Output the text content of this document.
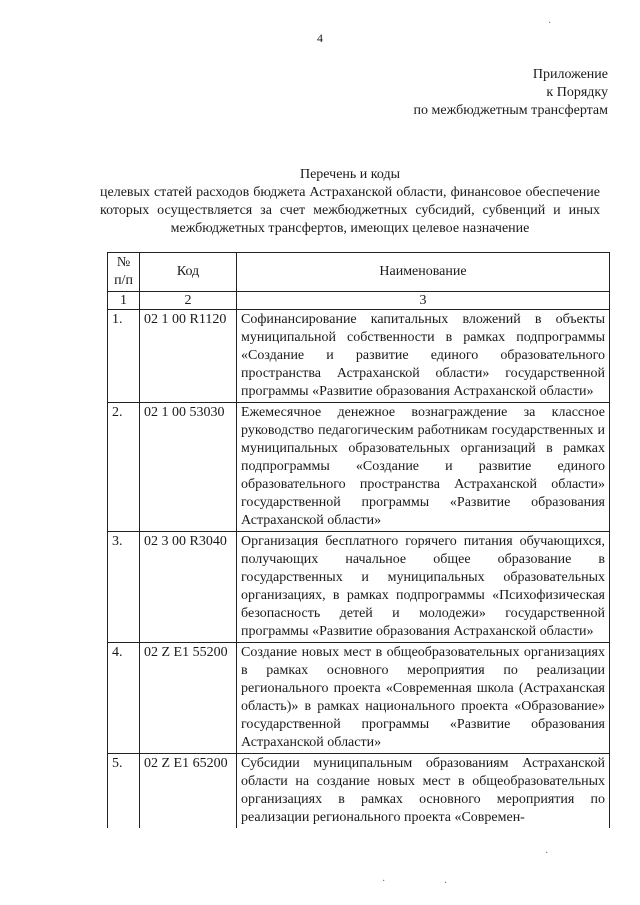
4
Приложение
к Порядку
по межбюджетным трансфертам
Перечень и коды
целевых статей расходов бюджета Астраханской области, финансовое обеспечение которых осуществляется за счет межбюджетных субсидий, субвенций и иных межбюджетных трансфертов, имеющих целевое назначение
№ п/п	Код	Наименование
1	2	3
1.	02 1 00 R1120	Софинансирование капитальных вложений в объекты муниципальной собственности в рамках подпрограммы «Создание и развитие единого образовательного пространства Астраханской области» государственной программы «Развитие образования Астраханской области»
2.	02 1 00 53030	Ежемесячное денежное вознаграждение за классное руководство педагогическим работникам государственных и муниципальных образовательных организаций в рамках подпрограммы «Создание и развитие единого образовательного пространства Астраханской области» государственной программы «Развитие образования Астраханской области»
3.	02 3 00 R3040	Организация бесплатного горячего питания обучающихся, получающих начальное общее образование в государственных и муниципальных образовательных организациях, в рамках подпрограммы «Психофизическая безопасность детей и молодежи» государственной программы «Развитие образования Астраханской области»
4.	02 Z E1 55200	Создание новых мест в общеобразовательных организациях в рамках основного мероприятия по реализации регионального проекта «Современная школа (Астраханская область)» в рамках национального проекта «Образование» государственной программы «Развитие образования Астраханской области»
5.	02 Z E1 65200	Субсидии муниципальным образованиям Астраханской области на создание новых мест в общеобразовательных организациях в рамках основного мероприятия по реализации регионального проекта «Современ-
·
·
·	·
